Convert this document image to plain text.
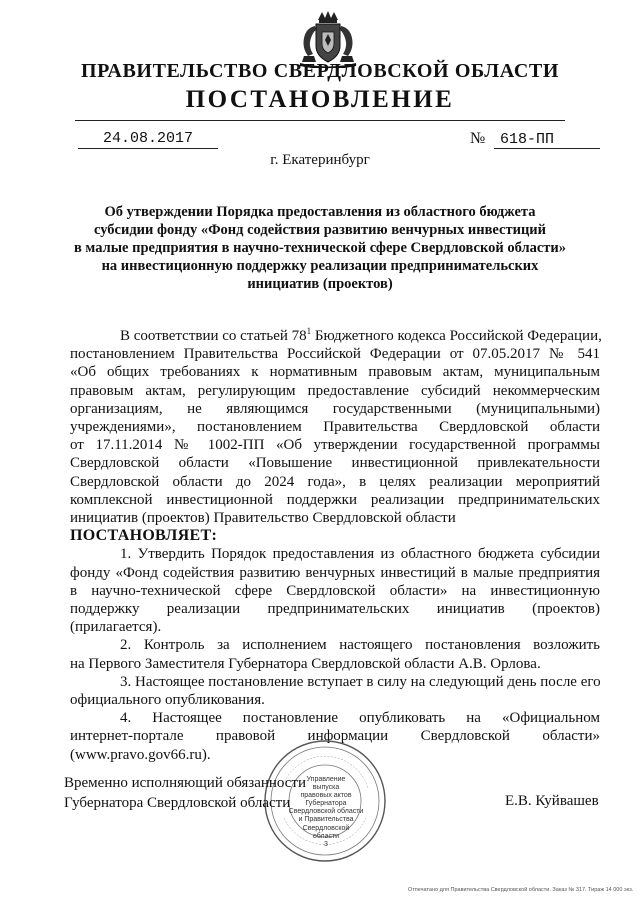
ПРАВИТЕЛЬСТВО СВЕРДЛОВСКОЙ ОБЛАСТИ
ПОСТАНОВЛЕНИЕ
24.08.2017	№ 618-ПП
г. Екатеринбург
Об утверждении Порядка предоставления из областного бюджета
субсидии фонду «Фонд содействия развитию венчурных инвестиций
в малые предприятия в научно-технической сфере Свердловской области»
на инвестиционную поддержку реализации предпринимательских
инициатив (проектов)
В соответствии со статьей $78^1$ Бюджетного кодекса Российской Федерации,
постановлением Правительства Российской Федерации от 07.05.2017 № 541
«Об общих требованиях к нормативным правовым актам, муниципальным
правовым актам, регулирующим предоставление субсидий некоммерческим
организациям, не являющимся государственными (муниципальными)
учреждениями», постановлением Правительства Свердловской области
от 17.11.2014 № 1002-ПП «Об утверждении государственной программы
Свердловской области «Повышение инвестиционной привлекательности
Свердловской области до 2024 года», в целях реализации мероприятий
комплексной инвестиционной поддержки реализации предпринимательских
инициатив (проектов) Правительство Свердловской области
ПОСТАНОВЛЯЕТ:
1. Утвердить Порядок предоставления из областного бюджета субсидии
фонду «Фонд содействия развитию венчурных инвестиций в малые предприятия
в научно-технической сфере Свердловской области» на инвестиционную
поддержку реализации предпринимательских инициатив (проектов)
(прилагается).
2. Контроль за исполнением настоящего постановления возложить
на Первого Заместителя Губернатора Свердловской области А.В. Орлова.
3. Настоящее постановление вступает в силу на следующий день после его
официального опубликования.
4. Настоящее постановление опубликовать на «Официальном
интернет-портале правовой информации Свердловской области»
(www.pravo.gov66.ru).
Управление
выпуска
правовых актов
Губернатора
Свердловской области
и Правительства
Свердловской
области
3
Временно исполняющий обязанности
Губернатора Свердловской области	Е.В. Куйвашев
Отпечатано для Правительства Свердловской области. Заказ № 317. Тираж 14 000 экз.
